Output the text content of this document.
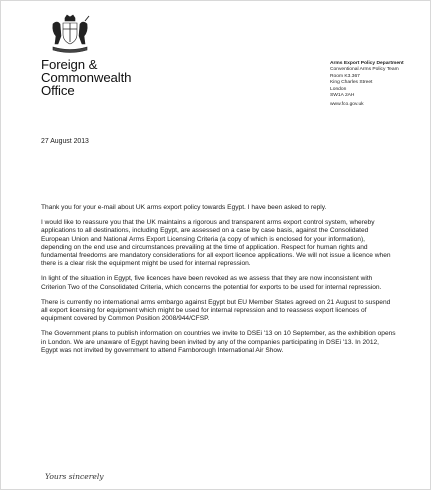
Foreign &
Commonwealth
Office
Arms Export Policy Department
Conventional Arms Policy Team
Room K3.367
King Charles Street
London
SW1A 2AH
www.fco.gov.uk
27 August 2013

Thank you for your e-mail about UK arms export policy towards Egypt. I have been asked to reply.

I would like to reassure you that the UK maintains a rigorous and transparent arms export control system, whereby applications to all destinations, including Egypt, are assessed on a case by case basis, against the Consolidated European Union and National Arms Export Licensing Criteria (a copy of which is enclosed for your information), depending on the end use and circumstances prevailing at the time of application. Respect for human rights and fundamental freedoms are mandatory considerations for all export licence applications. We will not issue a licence when there is a clear risk the equipment might be used for internal repression.

In light of the situation in Egypt, five licences have been revoked as we assess that they are now inconsistent with Criterion Two of the Consolidated Criteria, which concerns the potential for exports to be used for internal repression.

There is currently no international arms embargo against Egypt but EU Member States agreed on 21 August to suspend all export licensing for equipment which might be used for internal repression and to reassess export licences of equipment covered by Common Position 2008/944/CFSP.

The Government plans to publish information on countries we invite to DSEi '13 on 10 September, as the exhibition opens in London. We are unaware of Egypt having been invited by any of the companies participating in DSEi '13. In 2012, Egypt was not invited by government to attend Farnborough International Air Show.

Yours sincerely
